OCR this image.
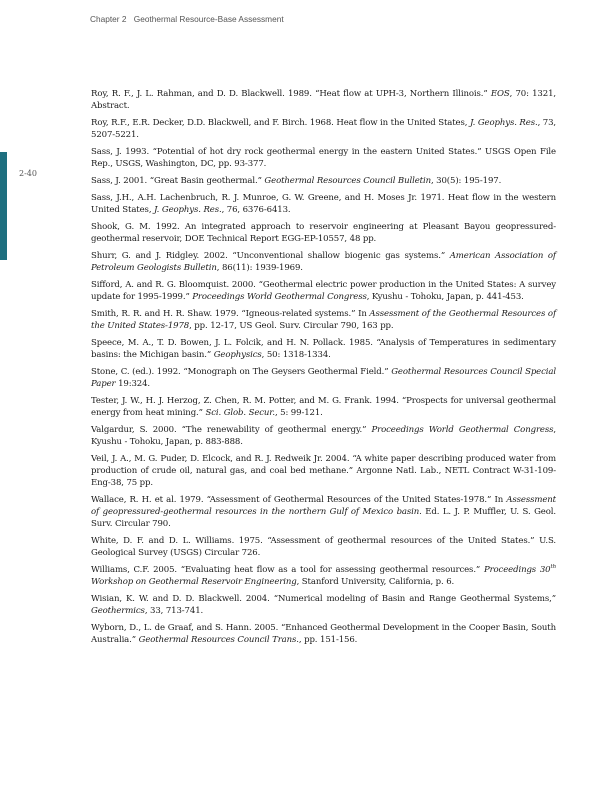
Chapter 2 Geothermal Resource-Base Assessment
2-40

Roy, R. F., J. L. Rahman, and D. D. Blackwell. 1989. “Heat flow at UPH-3, Northern Illinois.” EOS, 70: 1321, Abstract.

Roy, R.F., E.R. Decker, D.D. Blackwell, and F. Birch. 1968. Heat flow in the United States, J. Geophys. Res., 73, 5207-5221.

Sass, J. 1993. “Potential of hot dry rock geothermal energy in the eastern United States.” USGS Open File Rep., USGS, Washington, DC, pp. 93-377.

Sass, J. 2001. “Great Basin geothermal.” Geothermal Resources Council Bulletin, 30(5): 195-197.

Sass, J.H., A.H. Lachenbruch, R. J. Munroe, G. W. Greene, and H. Moses Jr. 1971. Heat flow in the western United States, J. Geophys. Res., 76, 6376-6413.

Shook, G. M. 1992. An integrated approach to reservoir engineering at Pleasant Bayou geopressured-geothermal reservoir, DOE Technical Report EGG-EP-10557, 48 pp.

Shurr, G. and J. Ridgley. 2002. “Unconventional shallow biogenic gas systems.” American Association of Petroleum Geologists Bulletin, 86(11): 1939-1969.

Sifford, A. and R. G. Bloomquist. 2000. “Geothermal electric power production in the United States: A survey update for 1995-1999.” Proceedings World Geothermal Congress, Kyushu - Tohoku, Japan, p. 441-453.

Smith, R. R. and H. R. Shaw. 1979. “Igneous-related systems.” In Assessment of the Geothermal Resources of the United States-1978, pp. 12-17, US Geol. Surv. Circular 790, 163 pp.

Speece, M. A., T. D. Bowen, J. L. Folcik, and H. N. Pollack. 1985. “Analysis of Temperatures in sedimentary basins: the Michigan basin.” Geophysics, 50: 1318-1334.

Stone, C. (ed.). 1992. “Monograph on The Geysers Geothermal Field.” Geothermal Resources Council Special Paper 19:324.

Tester, J. W., H. J. Herzog, Z. Chen, R. M. Potter, and M. G. Frank. 1994. “Prospects for universal geothermal energy from heat mining.” Sci. Glob. Secur., 5: 99-121.

Valgardur, S. 2000. “The renewability of geothermal energy.” Proceedings World Geothermal Congress, Kyushu - Tohoku, Japan, p. 883-888.

Veil, J. A., M. G. Puder, D. Elcock, and R. J. Redweik Jr. 2004. “A white paper describing produced water from production of crude oil, natural gas, and coal bed methane.” Argonne Natl. Lab., NETL Contract W-31-109-Eng-38, 75 pp.

Wallace, R. H. et al. 1979. “Assessment of Geothermal Resources of the United States-1978.” In Assessment of geopressured-geothermal resources in the northern Gulf of Mexico basin. Ed. L. J. P. Muffler, U. S. Geol. Surv. Circular 790.

White, D. F. and D. L. Williams. 1975. “Assessment of geothermal resources of the United States.” U.S. Geological Survey (USGS) Circular 726.

Williams, C.F. 2005. “Evaluating heat flow as a tool for assessing geothermal resources.” Proceedings 30th Workshop on Geothermal Reservoir Engineering, Stanford University, California, p. 6.

Wisian, K. W. and D. D. Blackwell. 2004. “Numerical modeling of Basin and Range Geothermal Systems,” Geothermics, 33, 713-741.

Wyborn, D., L. de Graaf, and S. Hann. 2005. “Enhanced Geothermal Development in the Cooper Basin, South Australia.” Geothermal Resources Council Trans., pp. 151-156.
